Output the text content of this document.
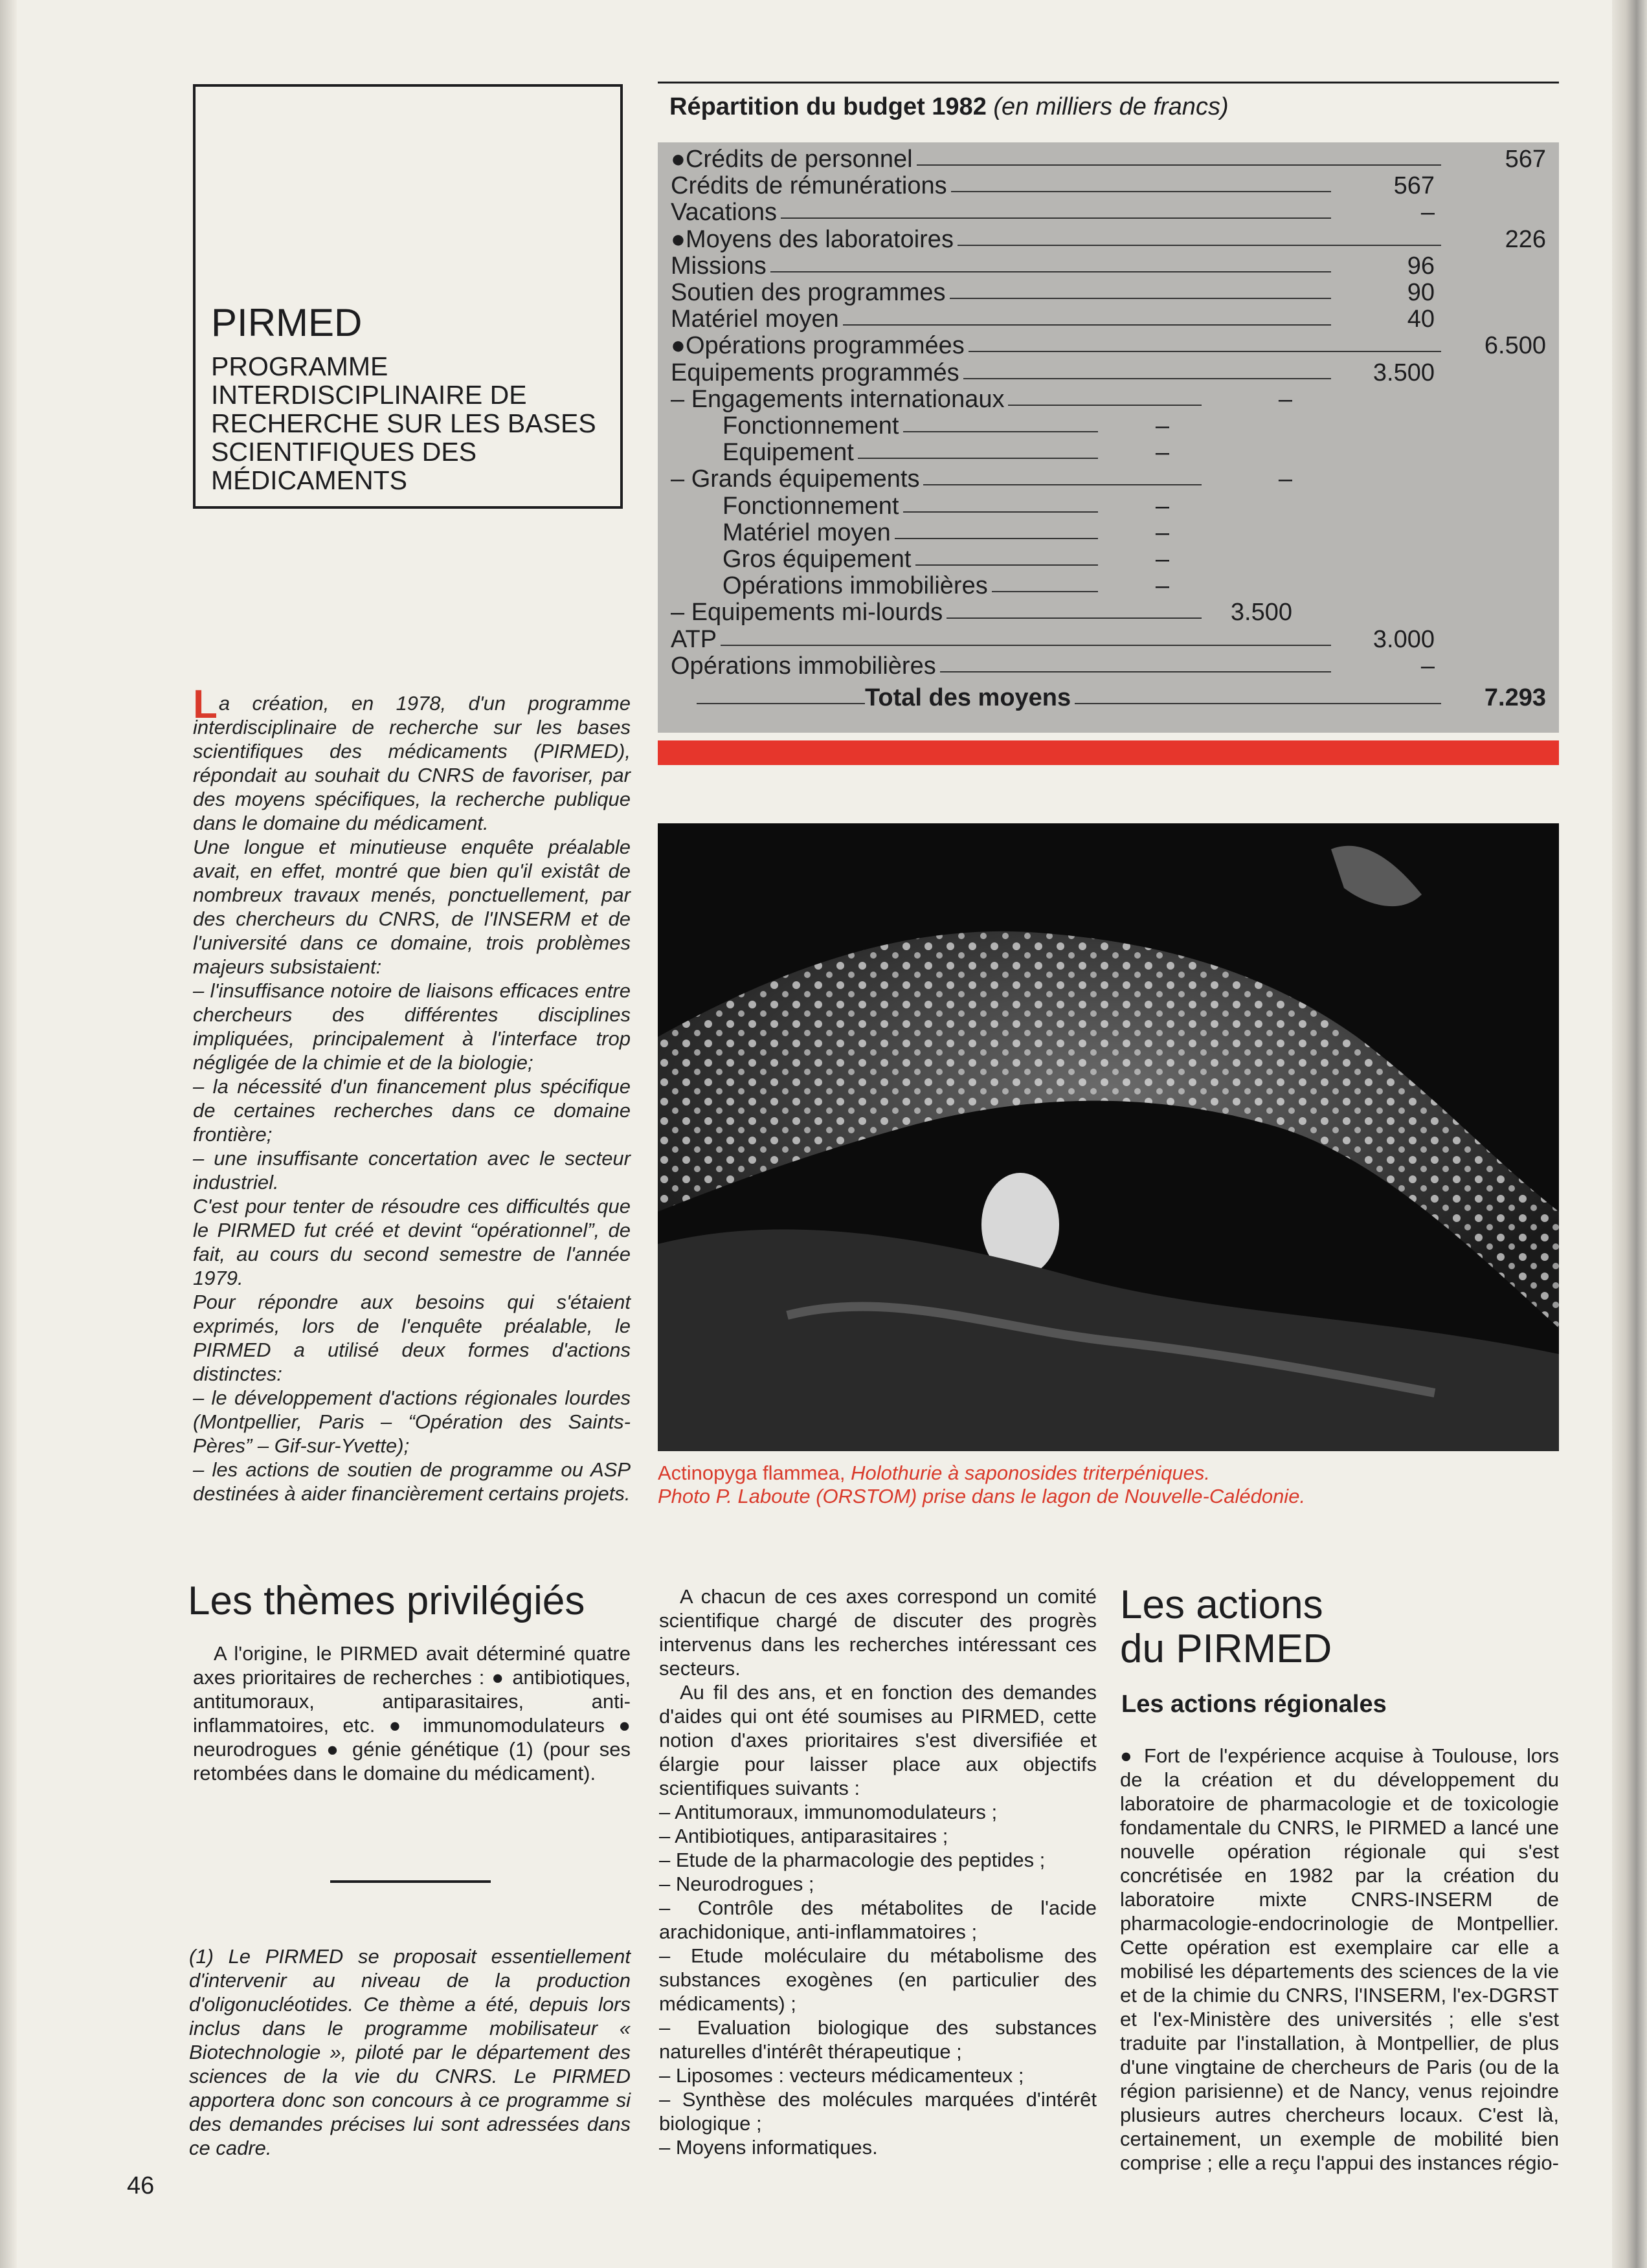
PIRMED
PROGRAMME INTERDISCIPLINAIRE DE RECHERCHE SUR LES BASES SCIENTIFIQUES DES MÉDICAMENTS

La création, en 1978, d'un programme interdisciplinaire de recherche sur les bases scientifiques des médicaments (PIRMED), répondait au souhait du CNRS de favoriser, par des moyens spécifiques, la recherche publique dans le domaine du médicament.

Une longue et minutieuse enquête préalable avait, en effet, montré que bien qu'il existât de nombreux travaux menés, ponctuellement, par des chercheurs du CNRS, de l'INSERM et de l'université dans ce domaine, trois problèmes majeurs subsistaient:

– l'insuffisance notoire de liaisons efficaces entre chercheurs des différentes disciplines impliquées, principalement à l'interface trop négligée de la chimie et de la biologie;

– la nécessité d'un financement plus spécifique de certaines recherches dans ce domaine frontière;

– une insuffisante concertation avec le secteur industriel.

C'est pour tenter de résoudre ces difficultés que le PIRMED fut créé et devint “opérationnel”, de fait, au cours du second semestre de l'année 1979.

Pour répondre aux besoins qui s'étaient exprimés, lors de l'enquête préalable, le PIRMED a utilisé deux formes d'actions distinctes:

– le développement d'actions régionales lourdes (Montpellier, Paris – “Opération des Saints-Pères” – Gif-sur-Yvette);

– les actions de soutien de programme ou ASP destinées à aider financièrement certains projets.

Répartition du budget 1982 (en milliers de francs)
●Crédits de personnel	567
Crédits de rémunérations	567
Vacations	–
●Moyens des laboratoires	226
Missions	96
Soutien des programmes	90
Matériel moyen	40
●Opérations programmées	6.500
Equipements programmés	3.500
– Engagements internationaux	–
Fonctionnement	–
Equipement	–
– Grands équipements	–
Fonctionnement	–
Matériel moyen	–
Gros équipement	–
Opérations immobilières	–
– Equipements mi-lourds	3.500
ATP	3.000
Opérations immobilières	–
Total des moyens	7.293
Actinopyga flammea, Holothurie à saponosides triterpéniques.
Photo P. Laboute (ORSTOM) prise dans le lagon de Nouvelle-Calédonie.
Les thèmes privilégiés

A l'origine, le PIRMED avait déterminé quatre axes prioritaires de recherches : ● antibiotiques, antitumoraux, antiparasitaires, anti-inflammatoires, etc. ● immunomodulateurs ● neurodrogues ● génie génétique (1) (pour ses retombées dans le domaine du médicament).

(1) Le PIRMED se proposait essentiellement d'intervenir au niveau de la production d'oligonucléotides. Ce thème a été, depuis lors inclus dans le programme mobilisateur « Biotechnologie », piloté par le département des sciences de la vie du CNRS. Le PIRMED apportera donc son concours à ce programme si des demandes précises lui sont adressées dans ce cadre.

A chacun de ces axes correspond un comité scientifique chargé de discuter des progrès intervenus dans les recherches intéressant ces secteurs.

Au fil des ans, et en fonction des demandes d'aides qui ont été soumises au PIRMED, cette notion d'axes prioritaires s'est diversifiée et élargie pour laisser place aux objectifs scientifiques suivants :

– Antitumoraux, immunomodulateurs ;

– Antibiotiques, antiparasitaires ;

– Etude de la pharmacologie des peptides ;

– Neurodrogues ;

– Contrôle des métabolites de l'acide arachidonique, anti-inflammatoires ;

– Etude moléculaire du métabolisme des substances exogènes (en particulier des médicaments) ;

– Evaluation biologique des substances naturelles d'intérêt thérapeutique ;

– Liposomes : vecteurs médicamenteux ;

– Synthèse des molécules marquées d'intérêt biologique ;

– Moyens informatiques.

Les actions
du PIRMED
Les actions régionales

● Fort de l'expérience acquise à Toulouse, lors de la création et du développement du laboratoire de pharmacologie et de toxicologie fondamentale du CNRS, le PIRMED a lancé une nouvelle opération régionale qui s'est concrétisée en 1982 par la création du laboratoire mixte CNRS-INSERM de pharmacologie-endocrinologie de Montpellier. Cette opération est exemplaire car elle a mobilisé les départements des sciences de la vie et de la chimie du CNRS, l'INSERM, l'ex-DGRST et l'ex-Ministère des universités ; elle s'est traduite par l'installation, à Montpellier, de plus d'une vingtaine de chercheurs de Paris (ou de la région parisienne) et de Nancy, venus rejoindre plusieurs autres chercheurs locaux. C'est là, certainement, un exemple de mobilité bien comprise ; elle a reçu l'appui des instances régio-

46
